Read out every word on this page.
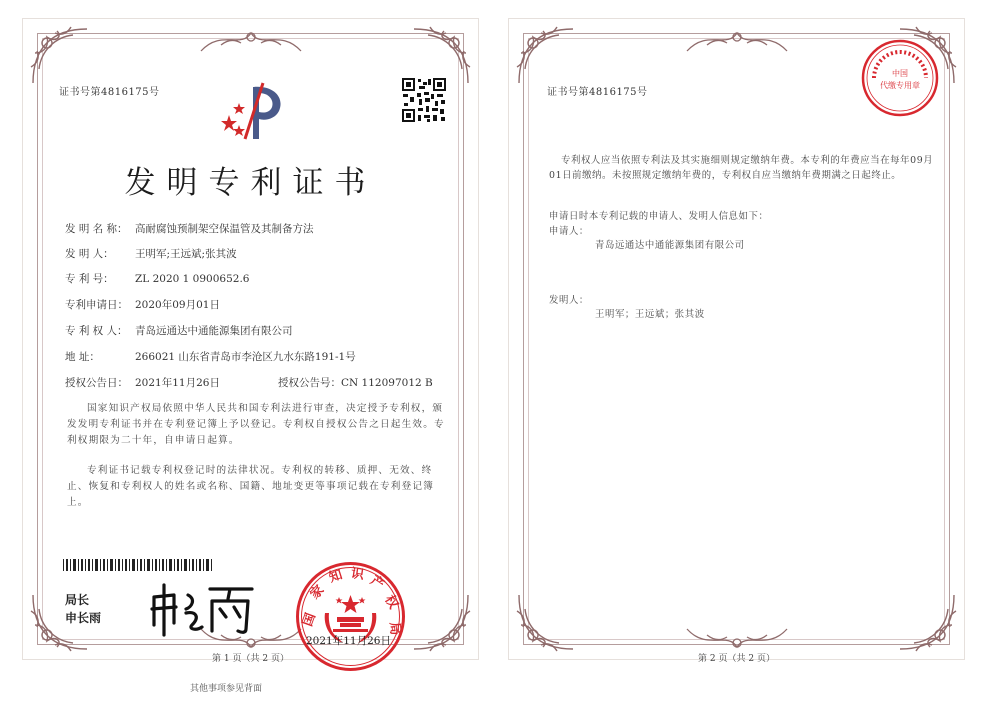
证书号第4816175号
发明专利证书
发 明 名 称： 高耐腐蚀预制架空保温管及其制备方法
发 明 人： 王明军;王远斌;张其波
专 利 号： ZL 2020 1 0900652.6
专利申请日： 2020年09月01日
专 利 权 人： 青岛远通达中通能源集团有限公司
地 址：	266021 山东省青岛市李沧区九水东路191-1号
授权公告日： 2021年11月26日	授权公告号：CN 112097012 B
国家知识产权局依照中华人民共和国专利法进行审查，决定授予专利权，颁发发明专利证书并在专利登记簿上予以登记。专利权自授权公告之日起生效。专利权期限为二十年，自申请日起算。
专利证书记载专利权登记时的法律状况。专利权的转移、质押、无效、终止、恢复和专利权人的姓名或名称、国籍、地址变更等事项记载在专利登记簿上。
局长
申长雨	国
家
知 识 产
权
局
2021年11月26日
第 1 页（共 2 页）
其他事项参见背面
证书号第4816175号
专利权人应当依照专利法及其实施细则规定缴纳年费。本专利的年费应当在每年09月01日前缴纳。未按照规定缴纳年费的，专利权自应当缴纳年费期满之日起终止。
申请日时本专利记载的申请人、发明人信息如下：
申请人：
青岛远通达中通能源集团有限公司
发明人：
王明军；王远斌；张其波
第 2 页（共 2 页）
中国
代缴专用章
